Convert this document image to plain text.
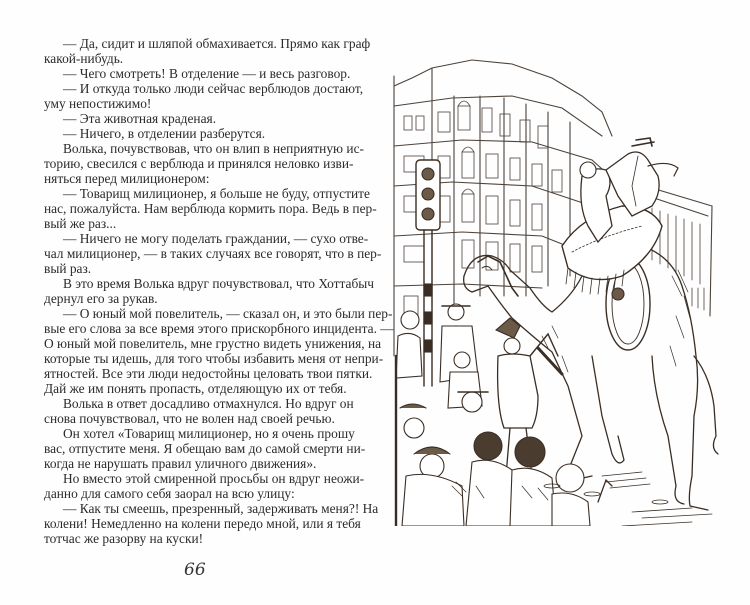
— Да, сидит и шляпой обмахивается. Прямо как граф
какой-нибудь.
— Чего смотреть! В отделение — и весь разговор.
— И откуда только люди сейчас верблюдов достают,
уму непостижимо!
— Эта животная краденая.
— Ничего, в отделении разберутся.
Волька, почувствовав, что он влип в неприятную ис-
торию, свесился с верблюда и принялся неловко изви-
няться перед милиционером:
— Товарищ милиционер, я больше не буду, отпустите
нас, пожалуйста. Нам верблюда кормить пора. Ведь в пер-
вый же раз...
— Ничего не могу поделать граждании, — сухо отве-
чал милиционер, — в таких случаях все говорят, что в пер-
вый раз.
В это время Волька вдруг почувствовал, что Хоттабыч
дернул его за рукав.
— О юный мой повелитель, — сказал он, и это были пер-
вые его слова за все время этого прискорбного инцидента. —
О юный мой повелитель, мне грустно видеть унижения, на
которые ты идешь, для того чтобы избавить меня от непри-
ятностей. Все эти люди недостойны целовать твои пятки.
Дай же им понять пропасть, отделяющую их от тебя.
Волька в ответ досадливо отмахнулся. Но вдруг он
снова почувствовал, что не волен над своей речью.
Он хотел «Товарищ милиционер, но я очень прошу
вас, отпустите меня. Я обещаю вам до самой смерти ни-
когда не нарушать правил уличного движения».
Но вместо этой смиренной просьбы он вдруг неожи-
данно для самого себя заорал на всю улицу:
— Как ты смеешь, презренный, задерживать меня?! На
колени! Немедленно на колени передо мной, или я тебя
тотчас же разорву на куски!
66
